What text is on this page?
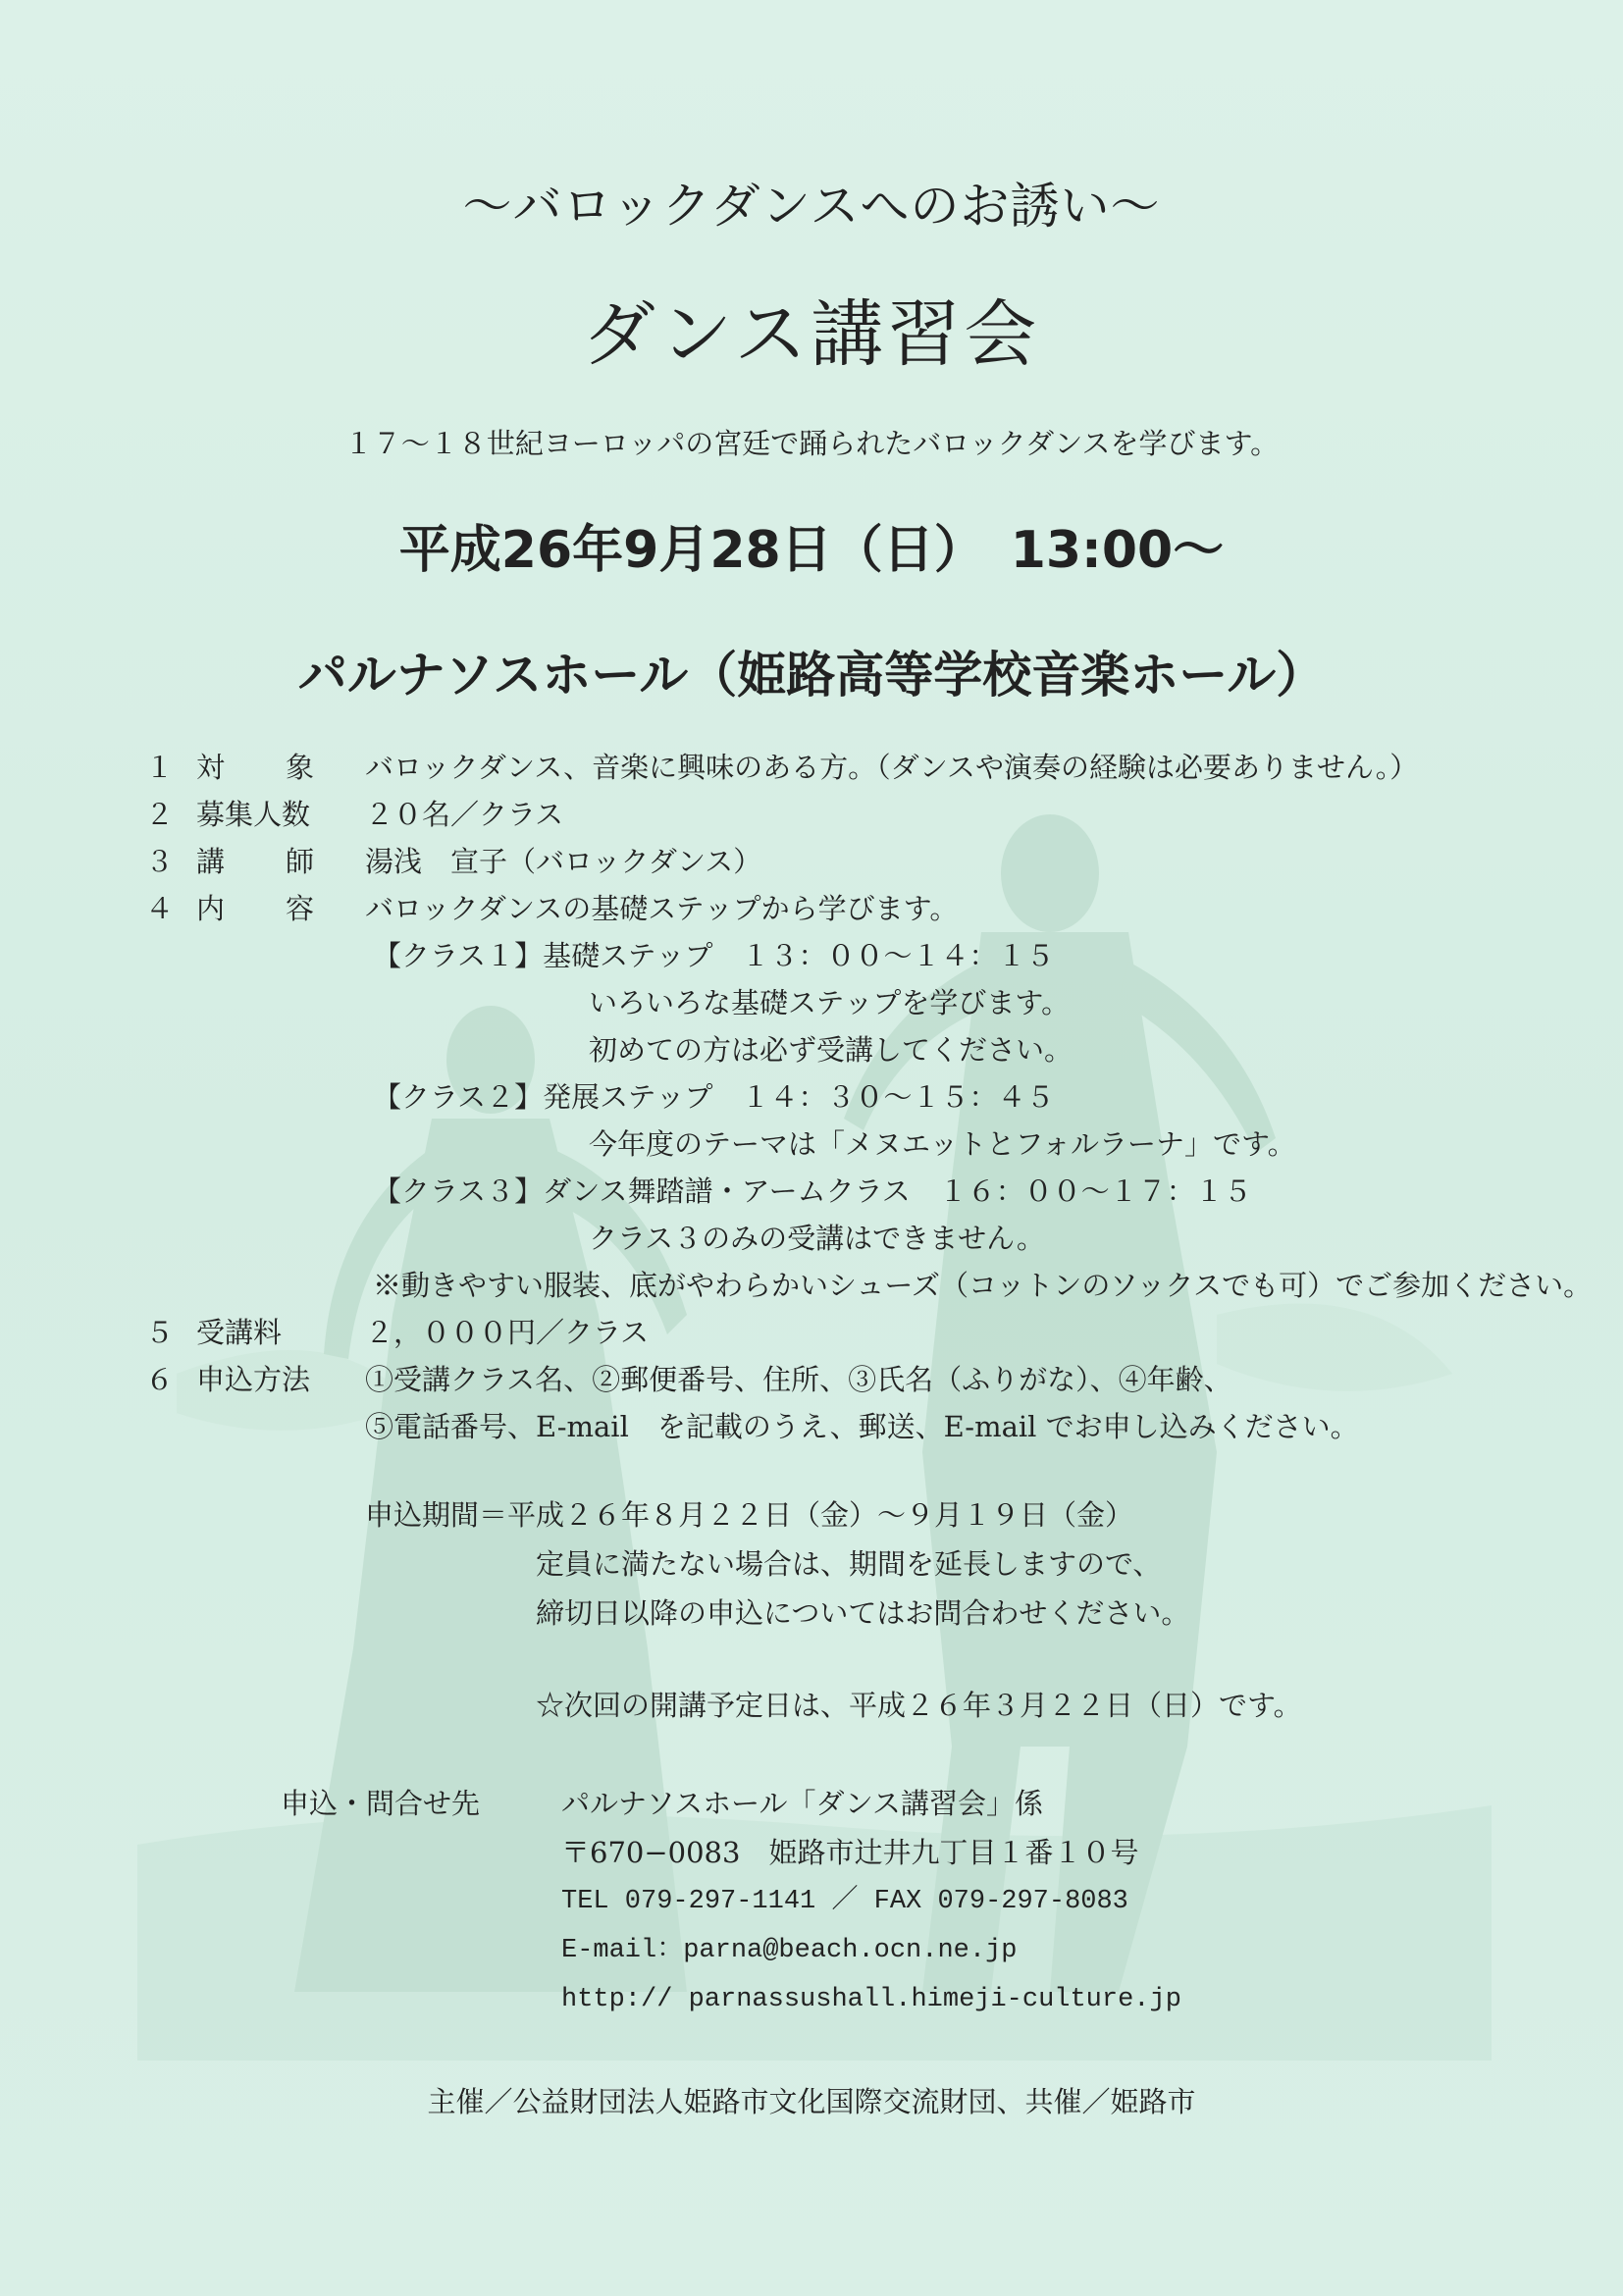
〜バロックダンスへのお誘い〜
ダンス講習会
１７〜１８世紀ヨーロッパの宮廷で踊られたバロックダンスを学びます。
平成26年9月28日（日）　13:00〜
パルナソスホール（姫路高等学校音楽ホール）
１ 対 象 バロックダンス、音楽に興味のある方。（ダンスや演奏の経験は必要ありません。）
２ 募集人数 ２０名／クラス
３ 講 師 湯浅　宣子（バロックダンス）
４ 内 容 バロックダンスの基礎ステップから学びます。
【クラス１】基礎ステップ　１３：００〜１４：１５
いろいろな基礎ステップを学びます。
初めての方は必ず受講してください。
【クラス２】発展ステップ　１４：３０〜１５：４５
今年度のテーマは「メヌエットとフォルラーナ」です。
【クラス３】ダンス舞踏譜・アームクラス　１６：００〜１７：１５
クラス３のみの受講はできません。
※動きやすい服装、底がやわらかいシューズ（コットンのソックスでも可）でご参加ください。
５ 受講料	２，０００円／クラス
６ 申込方法 ①受講クラス名、②郵便番号、住所、③氏名（ふりがな）、④年齢、
⑤電話番号、E-mail　を記載のうえ、郵送、E-mail でお申し込みください。
申込期間＝平成２６年８月２２日（金）〜９月１９日（金）
定員に満たない場合は、期間を延長しますので、
締切日以降の申込についてはお問合わせください。
☆次回の開講予定日は、平成２６年３月２２日（日）です。
申込・問合せ先	パルナソスホール「ダンス講習会」係
〒670−0083　姫路市辻井九丁目１番１０号
TEL 079-297-1141 ／ FAX 079-297-8083
E-mail：parna@beach.ocn.ne.jp
http:// parnassushall.himeji-culture.jp
主催／公益財団法人姫路市文化国際交流財団、共催／姫路市
